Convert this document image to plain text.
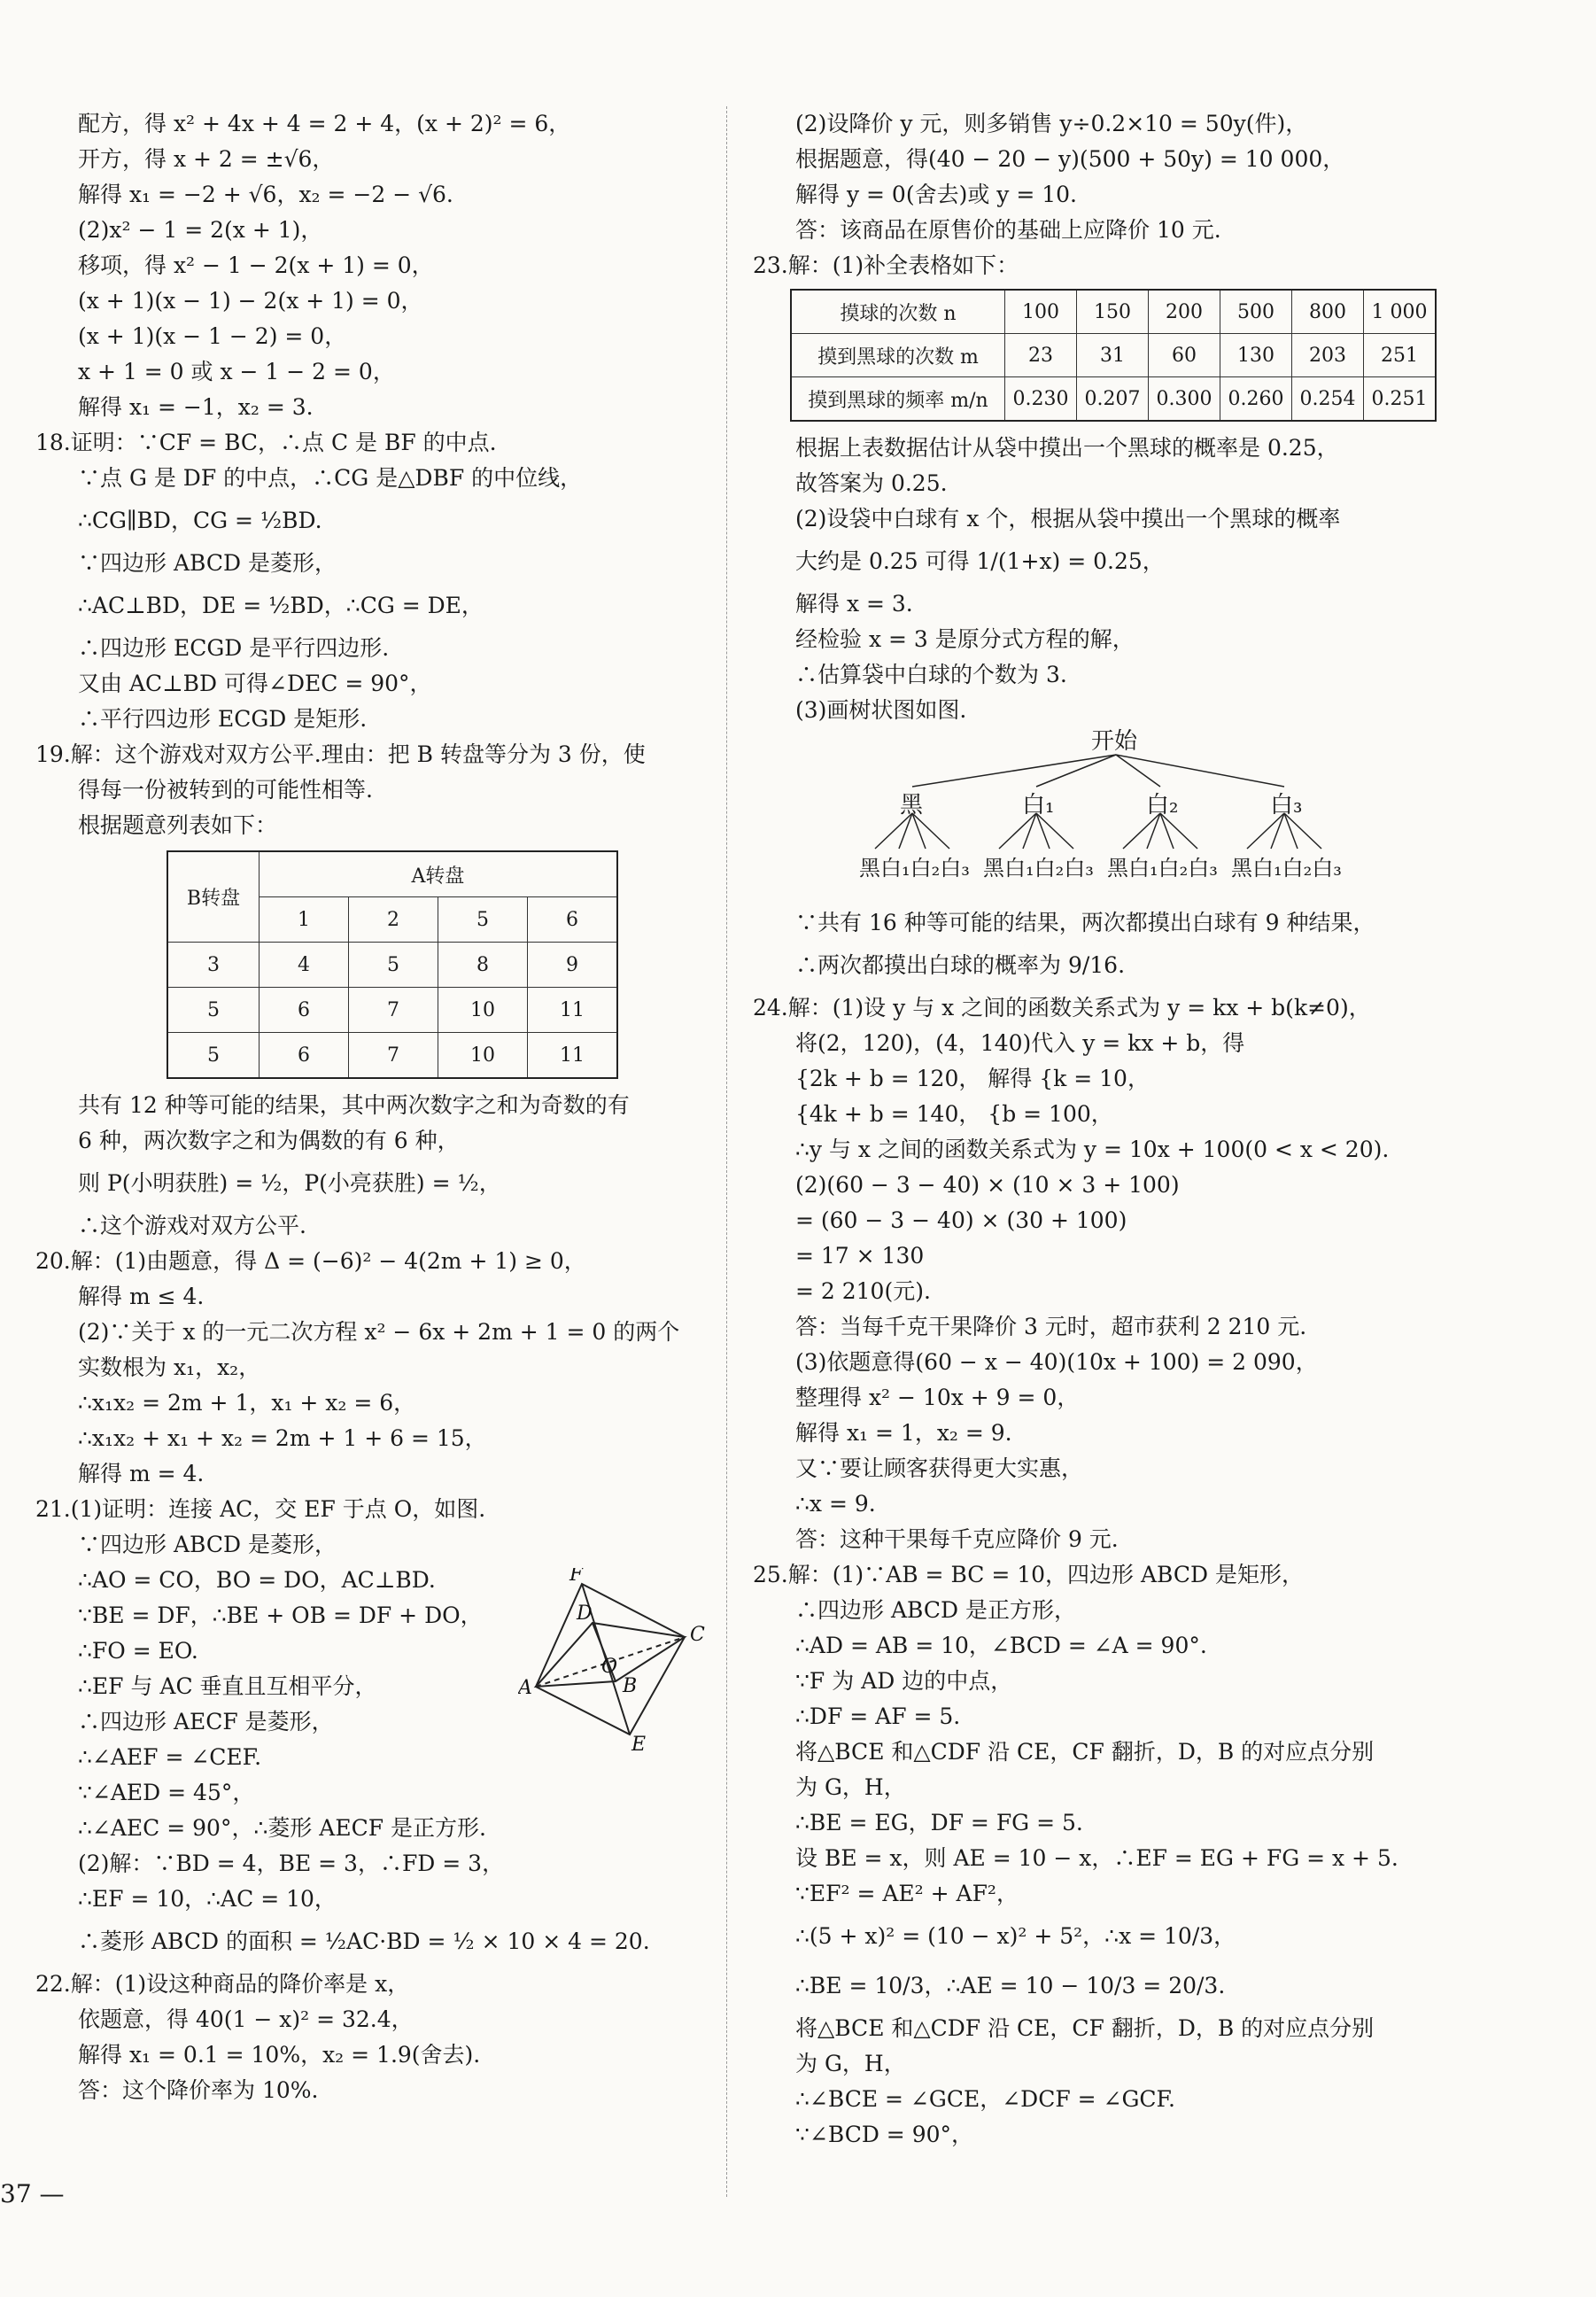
配方，得 x² + 4x + 4 = 2 + 4，(x + 2)² = 6，
开方，得 x + 2 = ±√6，
解得 x₁ = −2 + √6，x₂ = −2 − √6.
(2)x² − 1 = 2(x + 1)，
移项，得 x² − 1 − 2(x + 1) = 0，
(x + 1)(x − 1) − 2(x + 1) = 0，
(x + 1)(x − 1 − 2) = 0，
x + 1 = 0 或 x − 1 − 2 = 0，
解得 x₁ = −1，x₂ = 3.
18.证明：∵CF = BC，∴点 C 是 BF 的中点.
∵点 G 是 DF 的中点，∴CG 是△DBF 的中位线，
∴CG∥BD，CG = ½BD.
∵四边形 ABCD 是菱形，
∴AC⊥BD，DE = ½BD，∴CG = DE，
∴四边形 ECGD 是平行四边形.
又由 AC⊥BD 可得∠DEC = 90°，
∴平行四边形 ECGD 是矩形.
19.解：这个游戏对双方公平.理由：把 B 转盘等分为 3 份，使
得每一份被转到的可能性相等.
根据题意列表如下：
B转盘	A转盘			
	1	2	5	6
3	4	5	8	9
5	6	7	10	11
5	6	7	10	11
共有 12 种等可能的结果，其中两次数字之和为奇数的有
6 种，两次数字之和为偶数的有 6 种，
则 P(小明获胜) = ½，P(小亮获胜) = ½，
∴这个游戏对双方公平.
20.解：(1)由题意，得 Δ = (−6)² − 4(2m + 1) ≥ 0，
解得 m ≤ 4.
(2)∵关于 x 的一元二次方程 x² − 6x + 2m + 1 = 0 的两个
实数根为 x₁，x₂，
∴x₁x₂ = 2m + 1，x₁ + x₂ = 6，
∴x₁x₂ + x₁ + x₂ = 2m + 1 + 6 = 15，
解得 m = 4.
21.(1)证明：连接 AC，交 EF 于点 O，如图.
∵四边形 ABCD 是菱形，
∴AO = CO，BO = DO，AC⊥BD.
∵BE = DF，∴BE + OB = DF + DO，
∴FO = EO.
∴EF 与 AC 垂直且互相平分，
∴四边形 AECF 是菱形，
∴∠AEF = ∠CEF.
∵∠AED = 45°，
∴∠AEC = 90°，∴菱形 AECF 是正方形.
(2)解：∵BD = 4，BE = 3，∴FD = 3，
∴EF = 10，∴AC = 10，
∴菱形 ABCD 的面积 = ½AC·BD = ½ × 10 × 4 = 20.
22.解：(1)设这种商品的降价率是 x，
依题意，得 40(1 − x)² = 32.4，
解得 x₁ = 0.1 = 10%，x₂ = 1.9(舍去).
答：这个降价率为 10%.
F
D
C
A
O
B
E
(2)设降价 y 元，则多销售 y÷0.2×10 = 50y(件)，
根据题意，得(40 − 20 − y)(500 + 50y) = 10 000，
解得 y = 0(舍去)或 y = 10.
答：该商品在原售价的基础上应降价 10 元.
23.解：(1)补全表格如下：
摸球的次数 n	100	150	200	500	800	1 000
摸到黑球的次数 m	23	31	60	130	203	251
摸到黑球的频率 m/n	0.230	0.207	0.300	0.260	0.254	0.251
根据上表数据估计从袋中摸出一个黑球的概率是 0.25，
故答案为 0.25.
(2)设袋中白球有 x 个，根据从袋中摸出一个黑球的概率
大约是 0.25 可得 1/(1+x) = 0.25，
解得 x = 3.
经检验 x = 3 是原分式方程的解，
∴估算袋中白球的个数为 3.
(3)画树状图如图.
开始
黑	白₁	白₂	白₃
黑白₁白₂白₃ 黑白₁白₂白₃ 黑白₁白₂白₃ 黑白₁白₂白₃
∵共有 16 种等可能的结果，两次都摸出白球有 9 种结果，
∴两次都摸出白球的概率为 9/16.
24.解：(1)设 y 与 x 之间的函数关系式为 y = kx + b(k≠0)，
将(2，120)，(4，140)代入 y = kx + b，得
{2k + b = 120， 解得 {k = 10，
{4k + b = 140， {b = 100，
∴y 与 x 之间的函数关系式为 y = 10x + 100(0 < x < 20).
(2)(60 − 3 − 40) × (10 × 3 + 100)
= (60 − 3 − 40) × (30 + 100)
= 17 × 130
= 2 210(元).
答：当每千克干果降价 3 元时，超市获利 2 210 元.
(3)依题意得(60 − x − 40)(10x + 100) = 2 090，
整理得 x² − 10x + 9 = 0，
解得 x₁ = 1，x₂ = 9.
又∵要让顾客获得更大实惠，
∴x = 9.
答：这种干果每千克应降价 9 元.
25.解：(1)∵AB = BC = 10，四边形 ABCD 是矩形，
∴四边形 ABCD 是正方形，
∴AD = AB = 10，∠BCD = ∠A = 90°.
∵F 为 AD 边的中点，
∴DF = AF = 5.
将△BCE 和△CDF 沿 CE，CF 翻折，D，B 的对应点分别
为 G，H，
∴BE = EG，DF = FG = 5.
设 BE = x，则 AE = 10 − x，∴EF = EG + FG = x + 5.
∵EF² = AE² + AF²，
∴(5 + x)² = (10 − x)² + 5²，∴x = 10/3，
∴BE = 10/3，∴AE = 10 − 10/3 = 20/3.
将△BCE 和△CDF 沿 CE，CF 翻折，D，B 的对应点分别
为 G，H，
∴∠BCE = ∠GCE，∠DCF = ∠GCF.
∵∠BCD = 90°，
37 —
